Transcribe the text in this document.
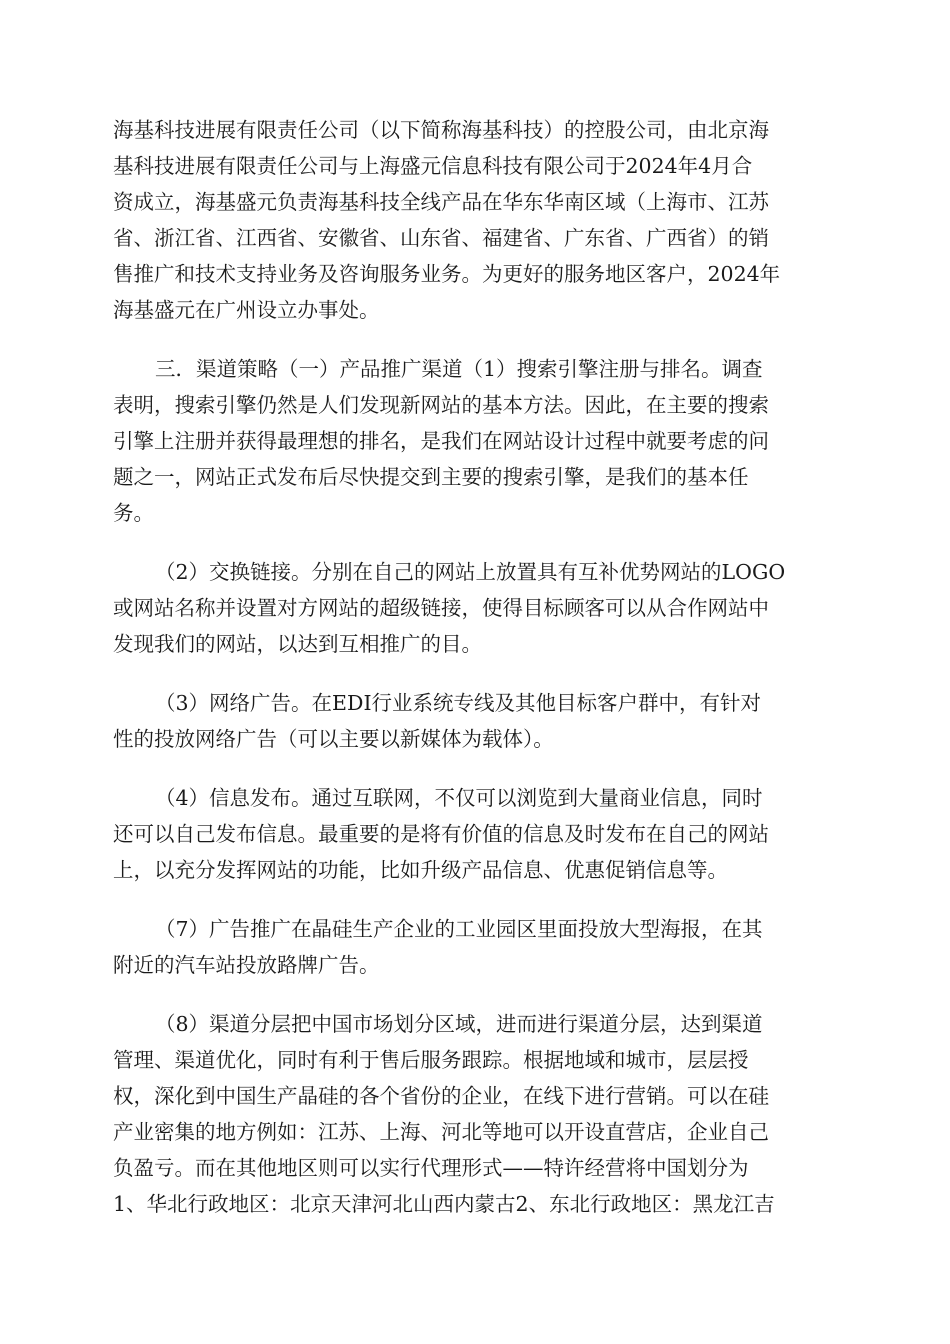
海基科技进展有限责任公司（以下简称海基科技）的控股公司，由北京海
基科技进展有限责任公司与上海盛元信息科技有限公司于2024年4月合
资成立，海基盛元负责海基科技全线产品在华东华南区域（上海市、江苏
省、浙江省、江西省、安徽省、山东省、福建省、广东省、广西省）的销
售推广和技术支持业务及咨询服务业务。为更好的服务地区客户，2024年
海基盛元在广州设立办事处。

三．渠道策略（一）产品推广渠道（1）搜索引擎注册与排名。调查
表明，搜索引擎仍然是人们发现新网站的基本方法。因此，在主要的搜索
引擎上注册并获得最理想的排名，是我们在网站设计过程中就要考虑的问
题之一，网站正式发布后尽快提交到主要的搜索引擎，是我们的基本任
务。

（2）交换链接。分别在自己的网站上放置具有互补优势网站的LOGO
或网站名称并设置对方网站的超级链接，使得目标顾客可以从合作网站中
发现我们的网站，以达到互相推广的目。

（3）网络广告。在EDI行业系统专线及其他目标客户群中，有针对
性的投放网络广告（可以主要以新媒体为载体）。

（4）信息发布。通过互联网，不仅可以浏览到大量商业信息，同时
还可以自己发布信息。最重要的是将有价值的信息及时发布在自己的网站
上，以充分发挥网站的功能，比如升级产品信息、优惠促销信息等。

（7）广告推广在晶硅生产企业的工业园区里面投放大型海报，在其
附近的汽车站投放路牌广告。

（8）渠道分层把中国市场划分区域，进而进行渠道分层，达到渠道
管理、渠道优化，同时有利于售后服务跟踪。根据地域和城市，层层授
权，深化到中国生产晶硅的各个省份的企业，在线下进行营销。可以在硅
产业密集的地方例如：江苏、上海、河北等地可以开设直营店，企业自己
负盈亏。而在其他地区则可以实行代理形式——特许经营将中国划分为
1、华北行政地区：北京天津河北山西内蒙古2、东北行政地区：黑龙江吉
